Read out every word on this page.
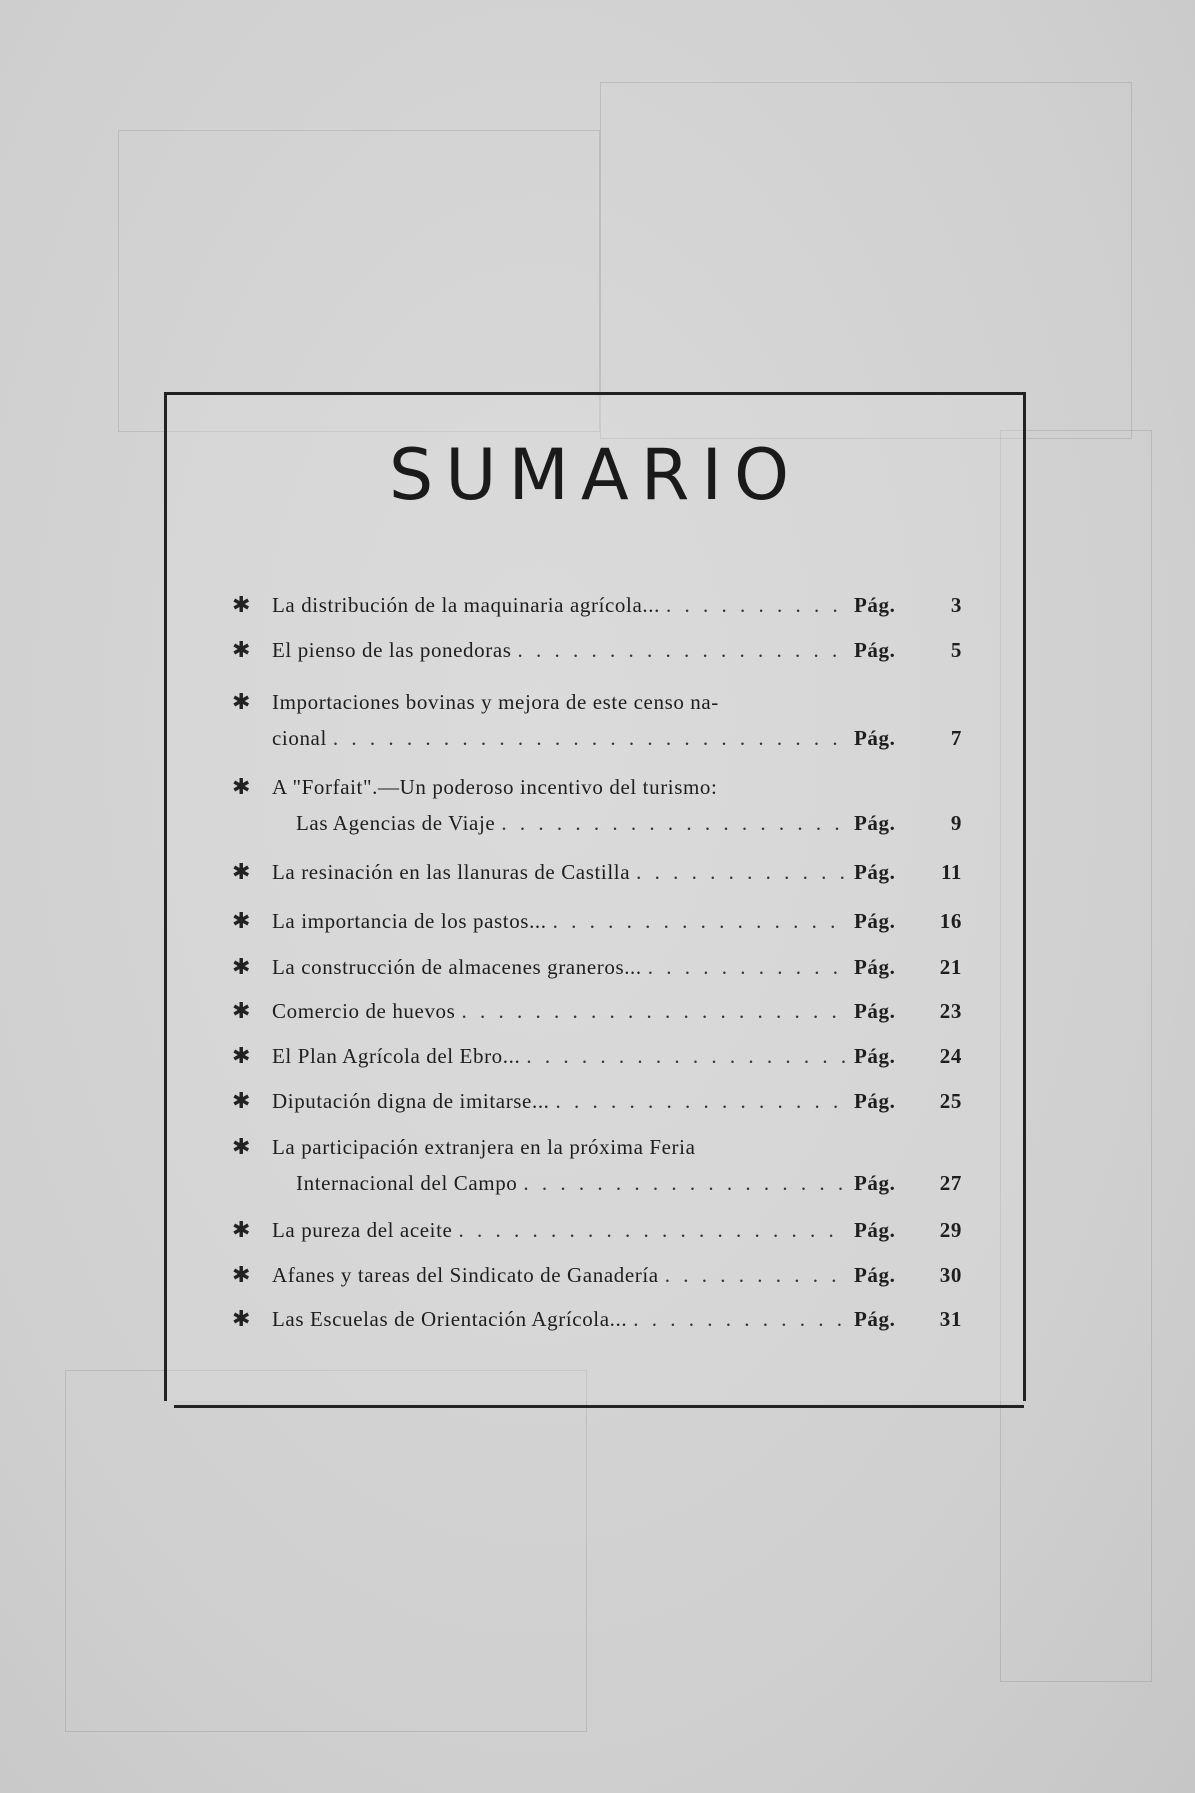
SUMARIO
✱ La distribución de la maquinaria agrícola... . . .	Pág.	3
✱ El pienso de las ponedoras . . .	Pág.	5
✱ Importaciones bovinas y mejora de este censo na-
cional . . .	Pág.	7
✱ A "Forfait".—Un poderoso incentivo del turismo:
Las Agencias de Viaje . . .	Pág.	9
✱ La resinación en las llanuras de Castilla . . .	Pág.	11
✱ La importancia de los pastos... . . .	Pág.	16
✱ La construcción de almacenes graneros... . . .	Pág.	21
✱ Comercio de huevos . . .	Pág.	23
✱ El Plan Agrícola del Ebro... . . .	Pág.	24
✱ Diputación digna de imitarse... . . .	Pág.	25
✱ La participación extranjera en la próxima Feria
Internacional del Campo . . .	Pág.	27
✱ La pureza del aceite . . .	Pág.	29
✱ Afanes y tareas del Sindicato de Ganadería . . .	Pág.	30
✱ Las Escuelas de Orientación Agrícola... . . .	Pág.	31
